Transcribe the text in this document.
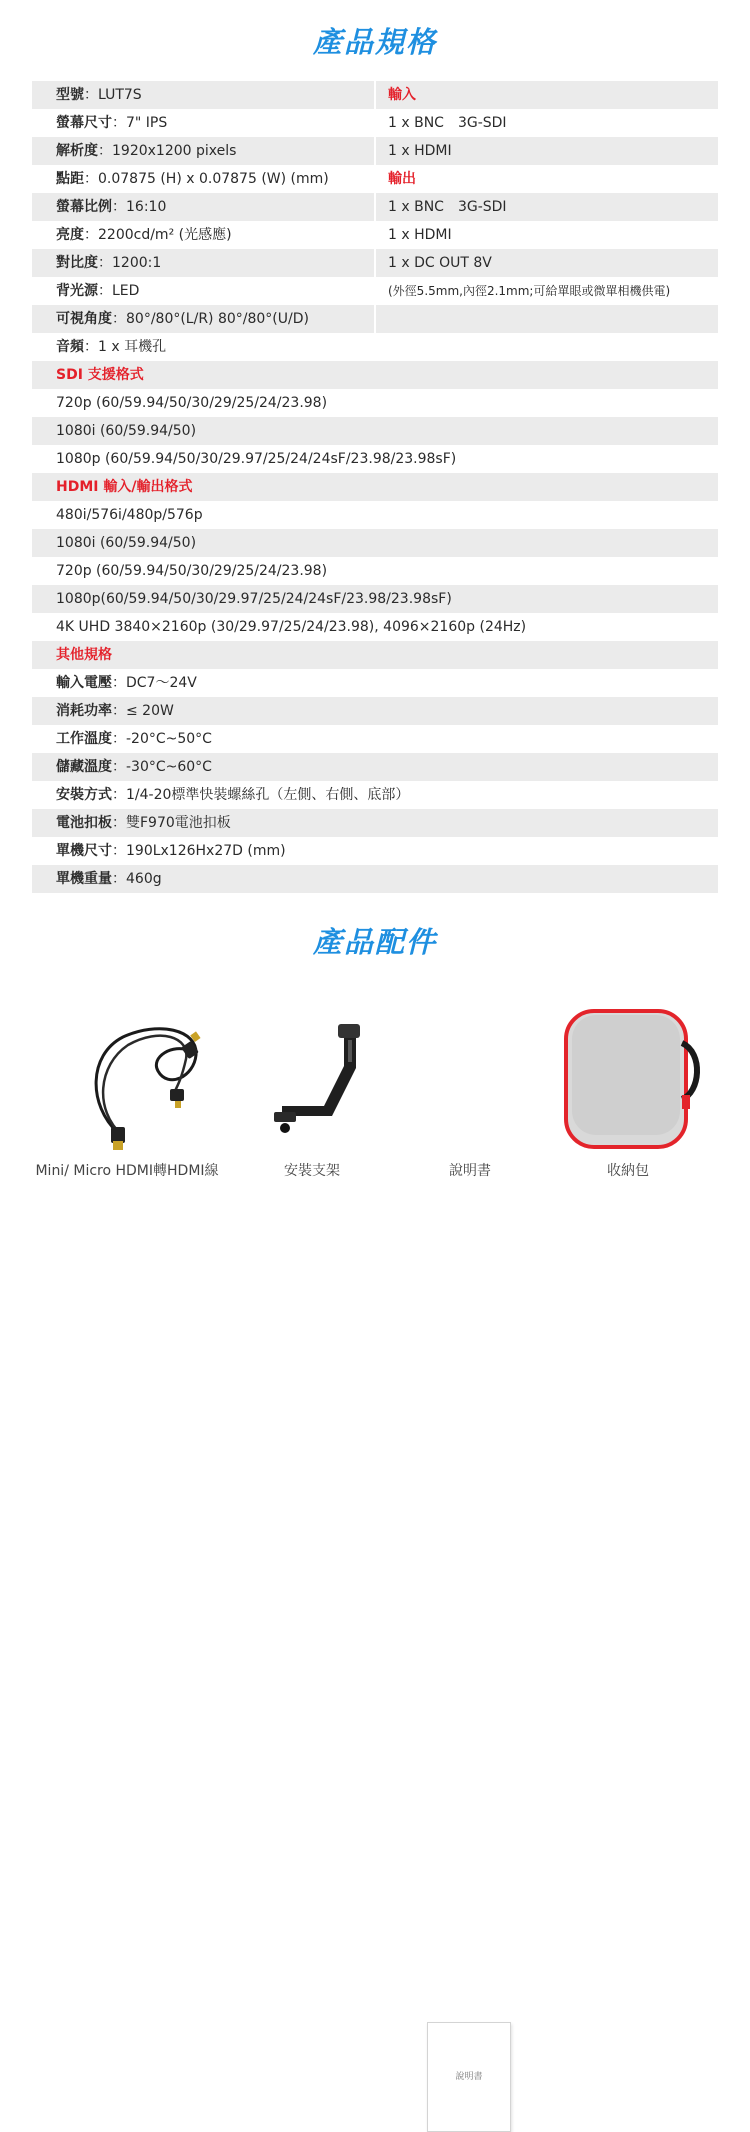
產品規格
型號：LUT7S	輸入
螢幕尺寸：7" IPS	1 x BNC　3G-SDI
解析度：1920x1200 pixels	1 x HDMI
點距：0.07875 (H) x 0.07875 (W) (mm)	輸出
螢幕比例：16:10	1 x BNC　3G-SDI
亮度：2200cd/m² (光感應)	1 x HDMI
對比度：1200:1	1 x DC OUT 8V
背光源：LED	(外徑5.5mm,內徑2.1mm;可給單眼或微單相機供電)
可視角度：80°/80°(L/R) 80°/80°(U/D)
音頻：1 x 耳機孔
SDI 支援格式
720p (60/59.94/50/30/29/25/24/23.98)
1080i (60/59.94/50)
1080p (60/59.94/50/30/29.97/25/24/24sF/23.98/23.98sF)
HDMI 輸入/輸出格式
480i/576i/480p/576p
1080i (60/59.94/50)
720p (60/59.94/50/30/29/25/24/23.98)
1080p(60/59.94/50/30/29.97/25/24/24sF/23.98/23.98sF)
4K UHD 3840×2160p (30/29.97/25/24/23.98), 4096×2160p (24Hz)
其他規格
輸入電壓：DC7～24V
消耗功率：≤ 20W
工作溫度：-20°C~50°C
儲藏溫度：-30°C~60°C
安裝方式：1/4-20標準快裝螺絲孔（左側、右側、底部）
電池扣板：雙F970電池扣板
單機尺寸：190Lx126Hx27D (mm)
單機重量：460g
產品配件
說明書
Mini/ Micro HDMI轉HDMI線	安裝支架	說明書	收納包
